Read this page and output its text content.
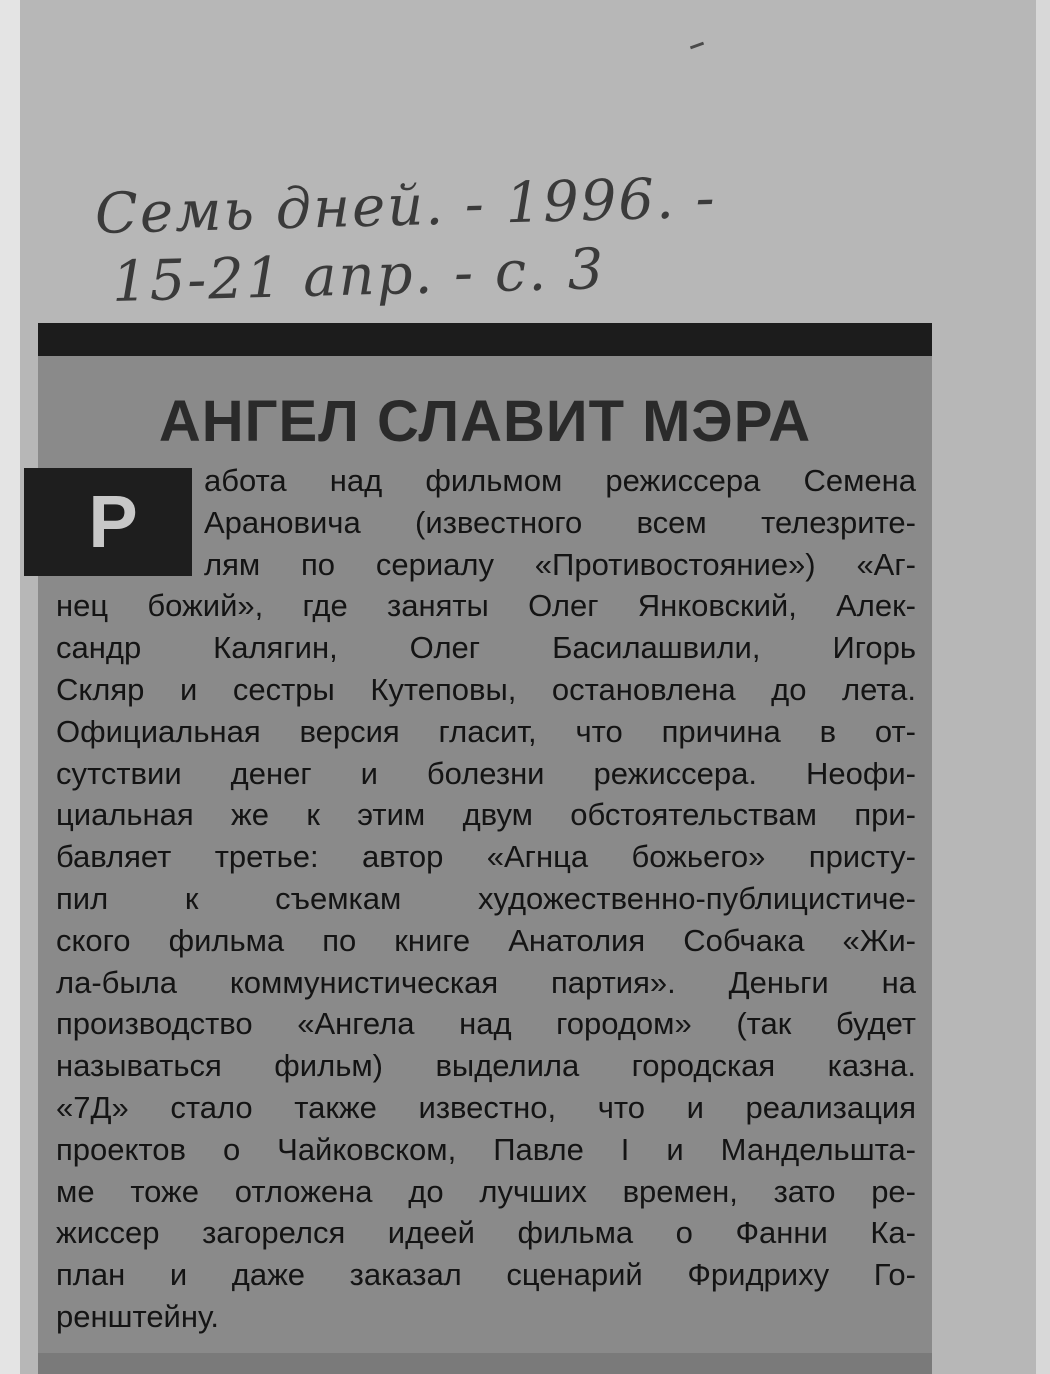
Семь дней. - 1996. -
15-21 апр. - с. 3
АНГЕЛ СЛАВИТ МЭРА
абота над фильмом режиссера Семена
Арановича (известного всем телезрите-
лям по сериалу «Противостояние») «Аг-
нец божий», где заняты Олег Янковский, Алек-
сандр Калягин, Олег Басилашвили, Игорь
Скляр и сестры Кутеповы, остановлена до лета.
Официальная версия гласит, что причина в от-
сутствии денег и болезни режиссера. Неофи-
циальная же к этим двум обстоятельствам при-
бавляет третье: автор «Агнца божьего» присту-
пил к съемкам художественно-публицистиче-
ского фильма по книге Анатолия Собчака «Жи-
ла-была коммунистическая партия». Деньги на
производство «Ангела над городом» (так будет
называться фильм) выделила городская казна.
«7Д» стало также известно, что и реализация
проектов о Чайковском, Павле I и Мандельшта-
ме тоже отложена до лучших времен, зато ре-
жиссер загорелся идеей фильма о Фанни Ка-
план и даже заказал сценарий Фридриху Го-
ренштейну.
Р
